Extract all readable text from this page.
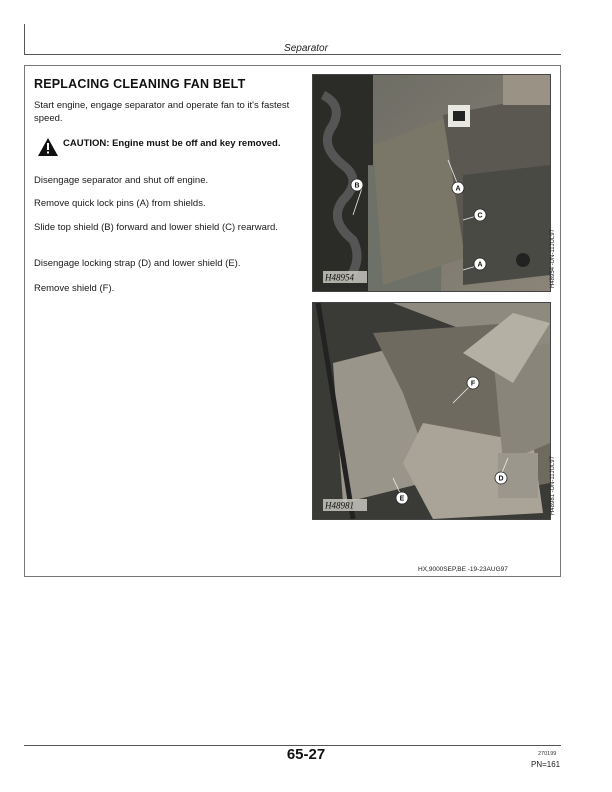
Separator
REPLACING CLEANING FAN BELT
Start engine, engage separator and operate fan to it's fastest speed.
CAUTION: Engine must be off and key removed.
Disengage separator and shut off engine.
Remove quick lock pins (A) from shields.
Slide top shield (B) forward and lower shield (C) rearward.
Disengage locking strap (D) and lower shield (E).
Remove shield (F).
B	A
C
A
H48954	H48954 -UN-11JUL97
F
D
E
H48981	H48981 -UN-11JUL97
HX,9000SEP,BE -19-23AUG97
65-27	270199
PN=161
